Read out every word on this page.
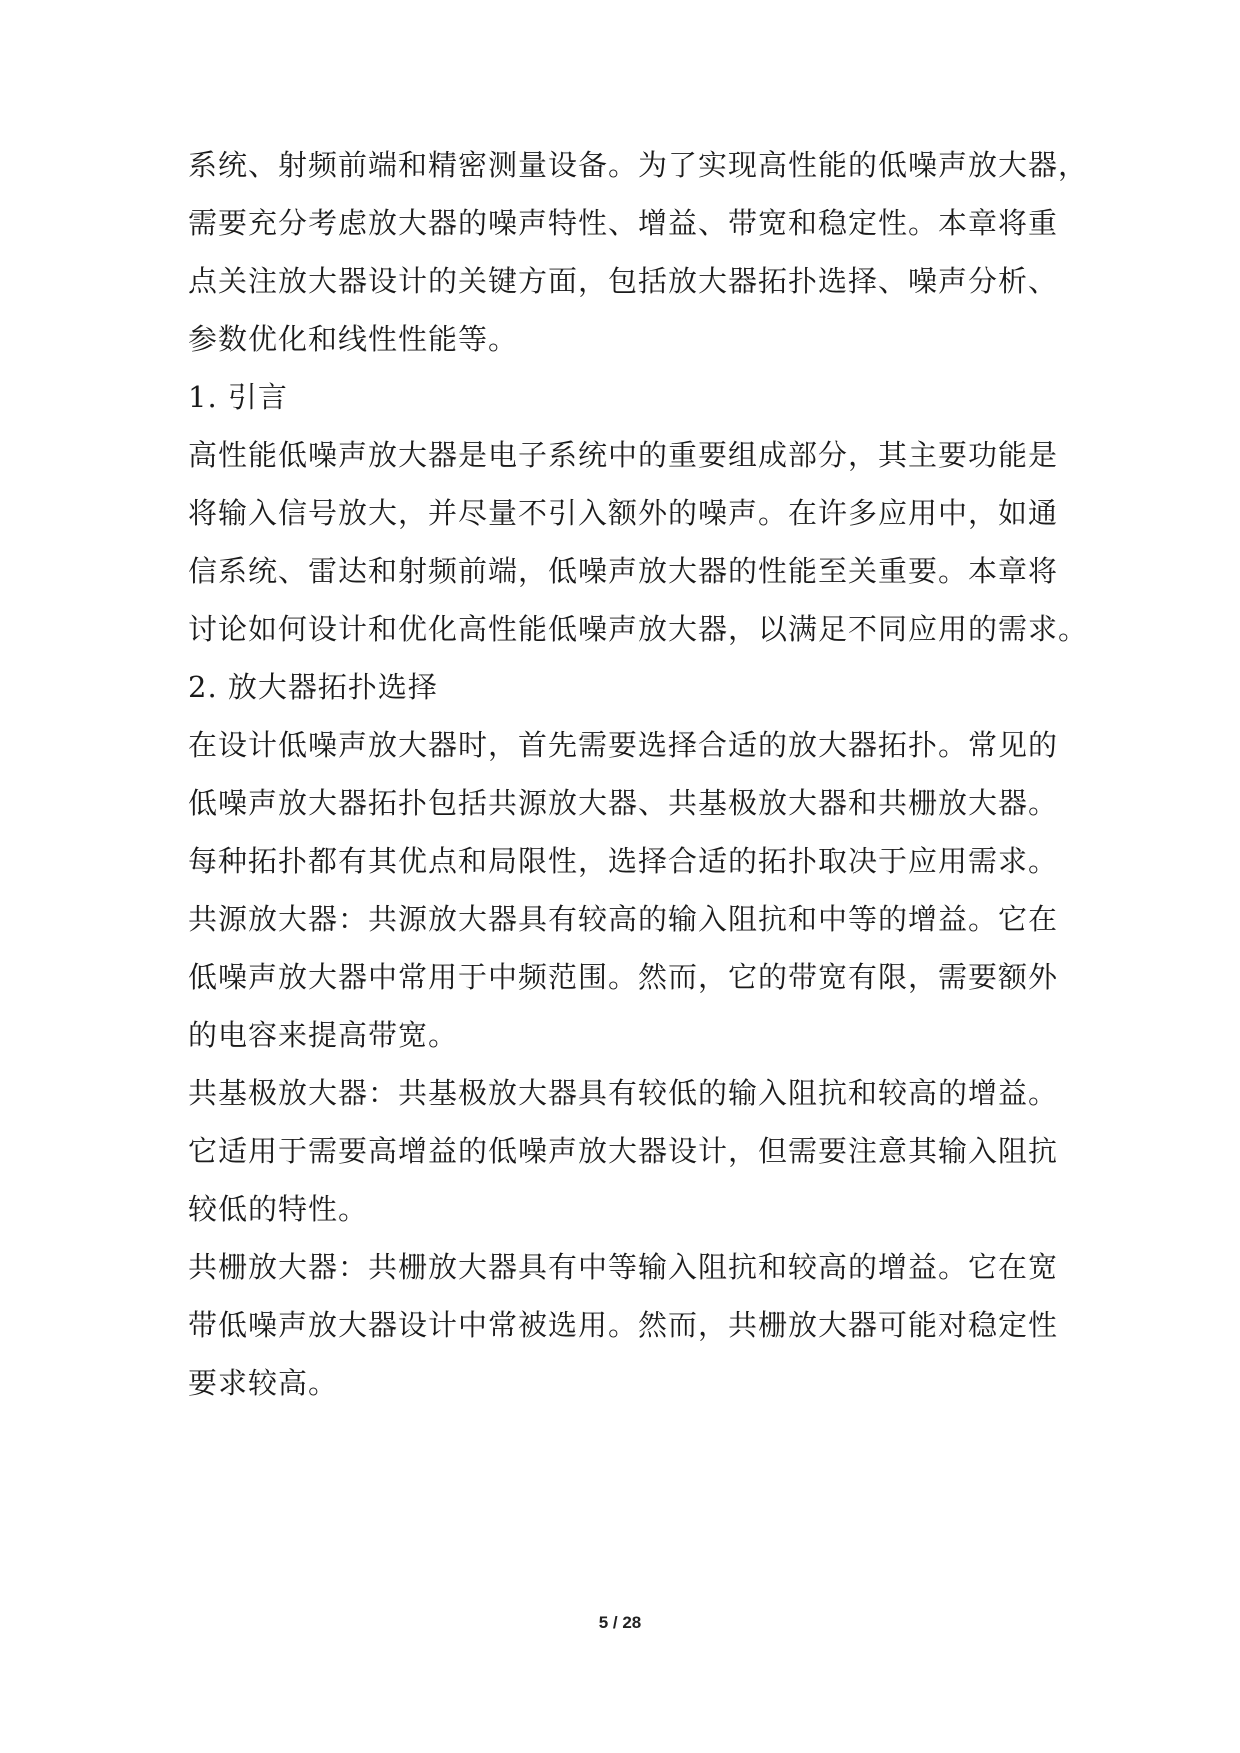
系统、射频前端和精密测量设备。为了实现高性能的低噪声放大器，
需要充分考虑放大器的噪声特性、增益、带宽和稳定性。本章将重
点关注放大器设计的关键方面，包括放大器拓扑选择、噪声分析、
参数优化和线性性能等。
1. 引言
高性能低噪声放大器是电子系统中的重要组成部分，其主要功能是
将输入信号放大，并尽量不引入额外的噪声。在许多应用中，如通
信系统、雷达和射频前端，低噪声放大器的性能至关重要。本章将
讨论如何设计和优化高性能低噪声放大器，以满足不同应用的需求。
2. 放大器拓扑选择
在设计低噪声放大器时，首先需要选择合适的放大器拓扑。常见的
低噪声放大器拓扑包括共源放大器、共基极放大器和共栅放大器。
每种拓扑都有其优点和局限性，选择合适的拓扑取决于应用需求。
共源放大器：共源放大器具有较高的输入阻抗和中等的增益。它在
低噪声放大器中常用于中频范围。然而，它的带宽有限，需要额外
的电容来提高带宽。
共基极放大器：共基极放大器具有较低的输入阻抗和较高的增益。
它适用于需要高增益的低噪声放大器设计，但需要注意其输入阻抗
较低的特性。
共栅放大器：共栅放大器具有中等输入阻抗和较高的增益。它在宽
带低噪声放大器设计中常被选用。然而，共栅放大器可能对稳定性
要求较高。
5 / 28
